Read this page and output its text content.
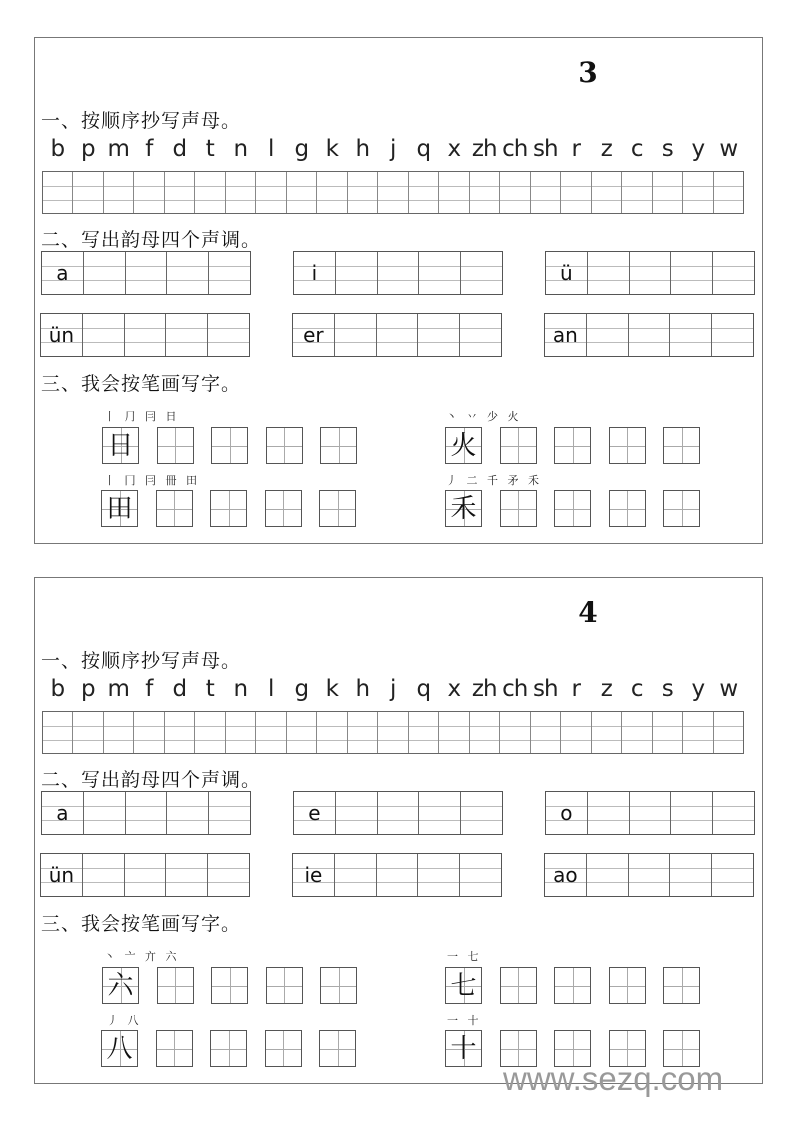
3
一、按顺序抄写声母。
b p m f d t n l g k h j q x zh ch sh r z c s y w
二、写出韵母四个声调。
a	i	ü
ün	er	an
三、我会按笔画写字。
丨 ⺆ 冃 日
日
丶 丷 少 火
火
丨 冂 冃 冊 田
田
丿 二 千 矛 禾
禾
4
一、按顺序抄写声母。
b p m f d t n l g k h j q x zh ch sh r z c s y w
二、写出韵母四个声调。
a	e	o
ün	ie	ao
三、我会按笔画写字。
丶 亠 亣 六
六
一 七
七
丿 八
八
一 十
十
www.sezq.com
